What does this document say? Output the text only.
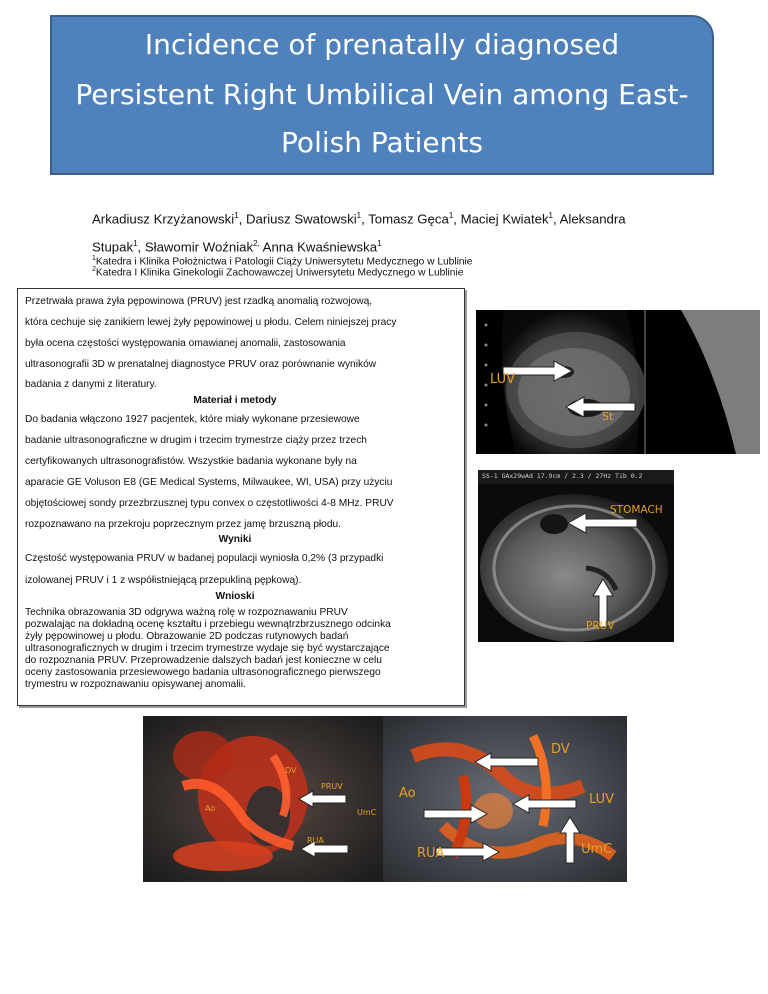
Incidence of prenatally diagnosed
Persistent Right Umbilical Vein among East-
Polish Patients
Arkadiusz Krzyżanowski$^1$, Dariusz Swatowski$^1$, Tomasz Gęca$^1$, Maciej Kwiatek$^1$, Aleksandra
Stupak$^1$, Sławomir Woźniak$^{2,}$ Anna Kwaśniewska$^1$
$^1$Katedra i Klinika Położnictwa i Patologii Ciąży Uniwersytetu Medycznego w Lublinie
$^2$Katedra I Klinika Ginekologii Zachowawczej Uniwersytetu Medycznego w Lublinie

Przetrwała prawa żyła pępowinowa (PRUV) jest rzadką anomalią rozwojową,

która cechuje się zanikiem lewej żyły pępowinowej u płodu. Celem niniejszej pracy

była ocena częstości występowania omawianej anomalii, zastosowania

ultrasonografii 3D w prenatalnej diagnostyce PRUV oraz porównanie wyników

badania z danymi z literatury.

Materiał i metody

Do badania włączono 1927 pacjentek, które miały wykonane przesiewowe

badanie ultrasonograficzne w drugim i trzecim trymestrze ciąży przez trzech

certyfikowanych ultrasonografistów. Wszystkie badania wykonane były na

aparacie GE Voluson E8 (GE Medical Systems, Milwaukee, WI, USA) przy użyciu

objętościowej sondy przezbrzusznej typu convex o częstotliwości 4-8 MHz. PRUV

rozpoznawano na przekroju poprzecznym przez jamę brzuszną płodu.

Wyniki

Częstość występowania PRUV w badanej populacji wyniosła 0,2% (3 przypadki

izolowanej PRUV i 1 z współistniejącą przepukliną pępkową).

Wnioski

Technika obrazowania 3D odgrywa ważną rolę w rozpoznawaniu PRUV

pozwalając na dokładną ocenę kształtu i przebiegu wewnątrzbrzusznego odcinka

żyły pępowinowej u płodu. Obrazowanie 2D podczas rutynowych badań

ultrasonograficznych w drugim i trzecim trymestrze wydaje się być wystarczające

do rozpoznania PRUV. Przeprowadzenie dalszych badań jest konieczne w celu

oceny zastosowania przesiewowego badania ultrasonograficznego pierwszego

trymestru w rozpoznawaniu opisywanej anomalii.

LUV
St
SS-1 GAx29wAd 17.9cm / 2.3 / 27Hz Tib 0.2
STOMACH
PRUV
DV
PRUV
Ao	UmC
RUA
DV
LUV
Ao
RUA	UmC
